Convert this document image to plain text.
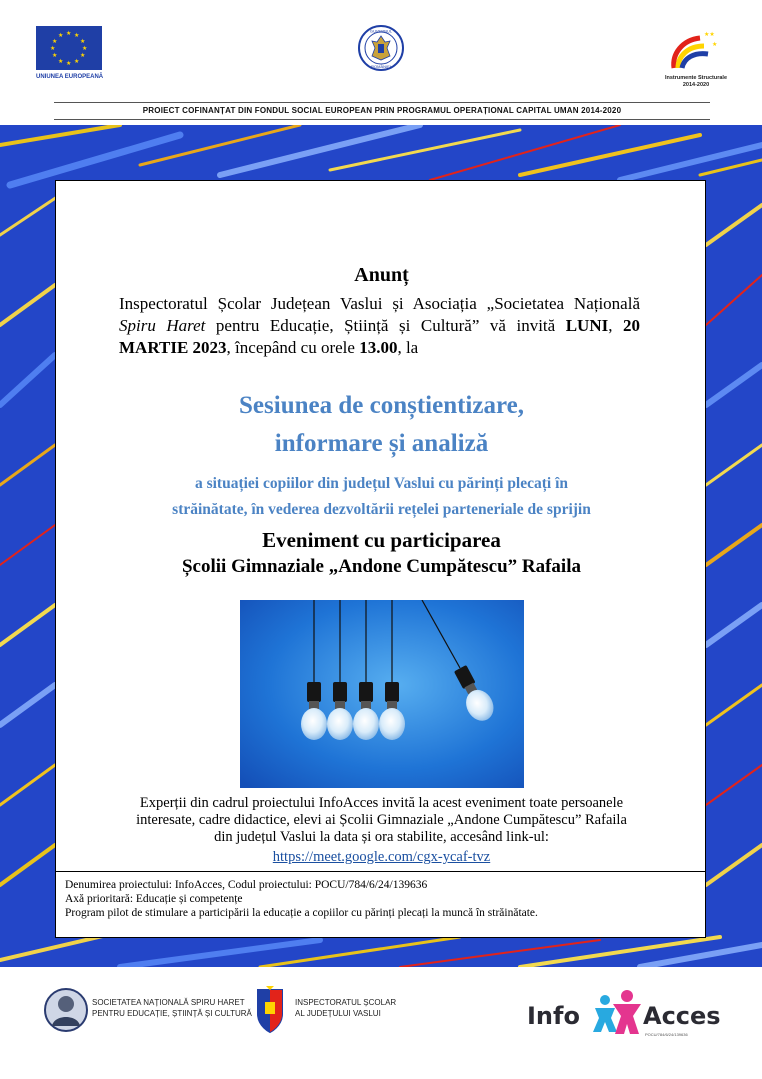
★ ★
★
★
★
★
★
★
★
★
★
★
UNIUNEA EUROPEANĂ
GUVERNUL
ROMÂNIEI
★★
★
Instrumente Structurale
2014-2020
PROIECT COFINANȚAT DIN FONDUL SOCIAL EUROPEAN PRIN PROGRAMUL OPERAȚIONAL CAPITAL UMAN 2014-2020
Anunț
Inspectoratul Școlar Județean Vaslui și Asociația „Societatea Națională Spiru Haret pentru Educație, Știință și Cultură” vă invită LUNI, 20 MARTIE 2023, începând cu orele 13.00, la
Sesiunea de conștientizare,
informare și analiză
a situației copiilor din județul Vaslui cu părinți plecați în
străinătate, în vederea dezvoltării rețelei parteneriale de sprijin
Eveniment cu participarea
Școlii Gimnaziale „Andone Cumpătescu” Rafaila
Experții din cadrul proiectului InfoAcces invită la acest eveniment toate persoanele
interesate, cadre didactice, elevi ai Școlii Gimnaziale „Andone Cumpătescu” Rafaila
din județul Vaslui la data și ora stabilite, accesând link-ul:
https://meet.google.com/cgx-ycaf-tvz
Denumirea proiectului: InfoAcces, Codul proiectului: POCU/784/6/24/139636
Axă prioritară: Educație și competențe
Program pilot de stimulare a participării la educație a copiilor cu părinți plecați la muncă în străinătate.
SOCIETATEA NAȚIONALĂ SPIRU HARET
PENTRU EDUCAȚIE, ȘTIINȚĂ ȘI CULTURĂ
INSPECTORATUL ȘCOLAR
AL JUDEȚULUI VASLUI	Info	Acces
POCU/784/6/24/139636
